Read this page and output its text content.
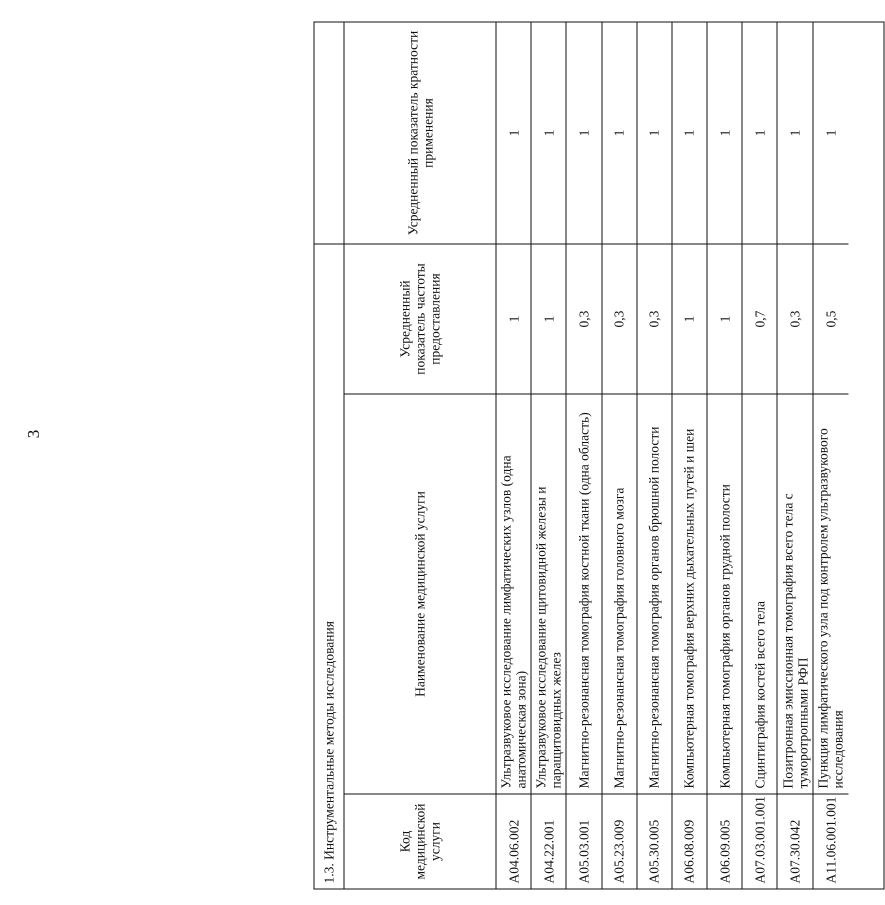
3
1.3. Инструментальные методы исследования	Код медицинской услуги
Наименование медицинской услуги
Усредненный показатель частоты предоставления
Усредненный показатель кратности применения
A04.06.002
Ультразвуковое исследование лимфатических узлов (одна анатомическая зона)
1
1
A04.22.001
Ультразвуковое исследование щитовидной железы и паращитовидных желез
1
1
A05.03.001
Магнитно-резонансная томография костной ткани (одна область)
0,3
1
A05.23.009
Магнитно-резонансная томография головного мозга
0,3
1
A05.30.005
Магнитно-резонансная томография органов брюшной полости
0,3
1
A06.08.009
Компьютерная томография верхних дыхательных путей и шеи
1
1
A06.09.005
Компьютерная томография органов грудной полости
1
1
A07.03.001.001
Сцинтиграфия костей всего тела
0,7
1
A07.30.042
Позитронная эмиссионная томография всего тела с туморотропными РФП
0,3
1
A11.06.001.001
Пункция лимфатического узла под контролем ультразвукового исследования
0,5
1
